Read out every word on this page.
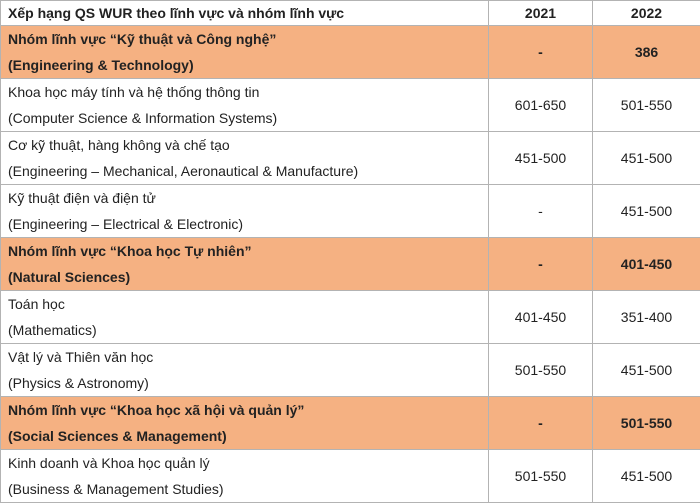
Xếp hạng QS WUR theo lĩnh vực và nhóm lĩnh vực	2021	2022

Nhóm lĩnh vực “Kỹ thuật và Công nghệ”
(Engineering & Technology)	-	386

Khoa học máy tính và hệ thống thông tin
(Computer Science & Information Systems)	601-650	501-550

Cơ kỹ thuật, hàng không và chế tạo
(Engineering – Mechanical, Aeronautical & Manufacture)	451-500	451-500

Kỹ thuật điện và điện tử
(Engineering – Electrical & Electronic)	-	451-500

Nhóm lĩnh vực “Khoa học Tự nhiên”
(Natural Sciences)	-	401-450

Toán học
(Mathematics)	401-450	351-400

Vật lý và Thiên văn học
(Physics & Astronomy)	501-550	451-500

Nhóm lĩnh vực “Khoa học xã hội và quản lý”
(Social Sciences & Management)	-	501-550

Kinh doanh và Khoa học quản lý
(Business & Management Studies)	501-550	451-500
